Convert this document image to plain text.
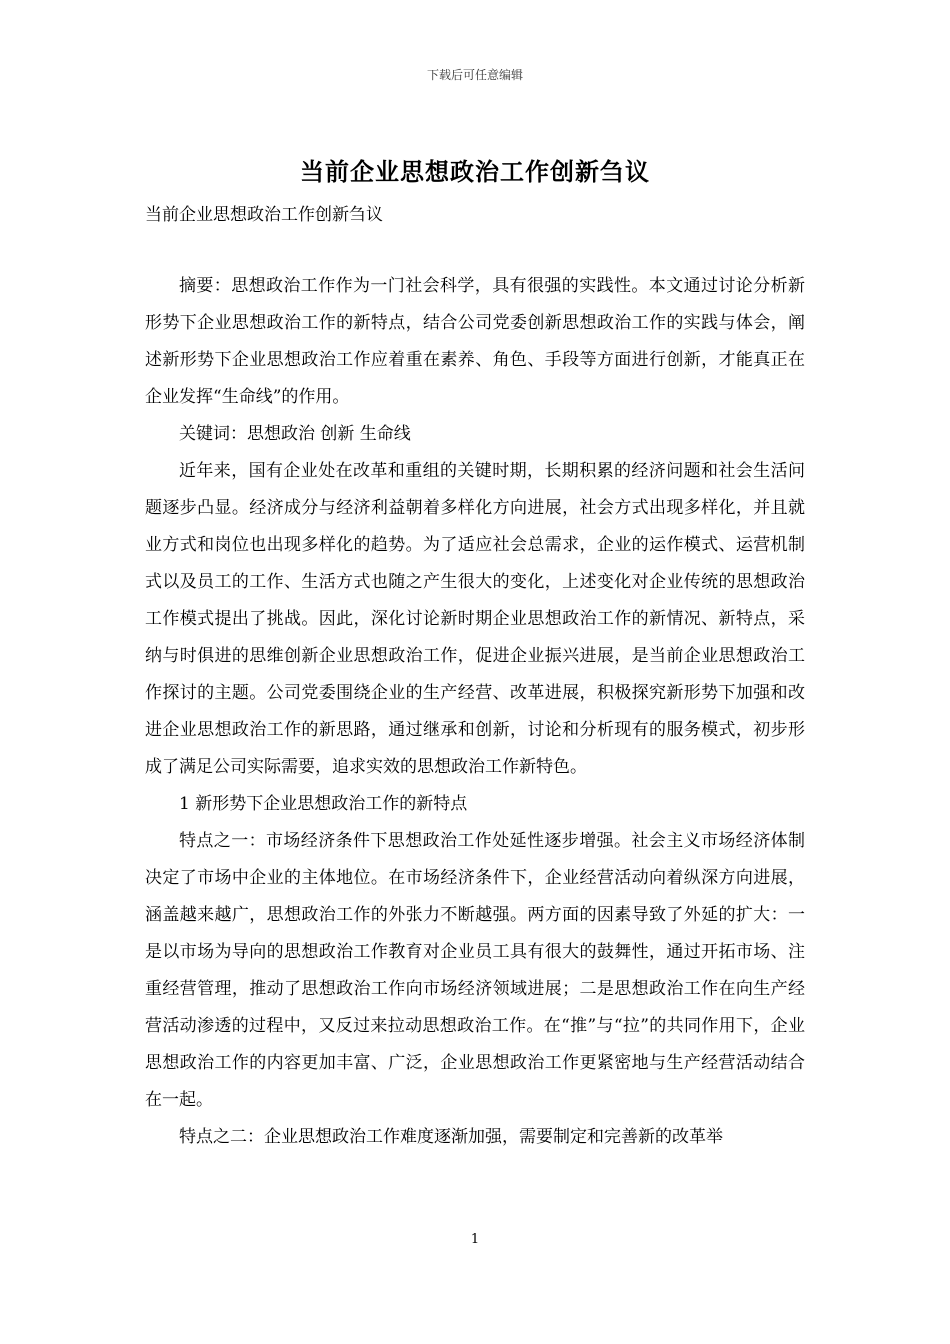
下载后可任意编辑
当前企业思想政治工作创新刍议
当前企业思想政治工作创新刍议

摘要：思想政治工作作为一门社会科学，具有很强的实践性。本文通过讨论分析新形势下企业思想政治工作的新特点，结合公司党委创新思想政治工作的实践与体会，阐述新形势下企业思想政治工作应着重在素养、角色、手段等方面进行创新，才能真正在企业发挥“生命线”的作用。

关键词：思想政治 创新 生命线

近年来，国有企业处在改革和重组的关键时期，长期积累的经济问题和社会生活问题逐步凸显。经济成分与经济利益朝着多样化方向进展，社会方式出现多样化，并且就业方式和岗位也出现多样化的趋势。为了适应社会总需求，企业的运作模式、运营机制式以及员工的工作、生活方式也随之产生很大的变化，上述变化对企业传统的思想政治工作模式提出了挑战。因此，深化讨论新时期企业思想政治工作的新情况、新特点，采纳与时俱进的思维创新企业思想政治工作，促进企业振兴进展，是当前企业思想政治工作探讨的主题。公司党委围绕企业的生产经营、改革进展，积极探究新形势下加强和改进企业思想政治工作的新思路，通过继承和创新，讨论和分析现有的服务模式，初步形成了满足公司实际需要，追求实效的思想政治工作新特色。

1 新形势下企业思想政治工作的新特点

特点之一：市场经济条件下思想政治工作处延性逐步增强。社会主义市场经济体制决定了市场中企业的主体地位。在市场经济条件下，企业经营活动向着纵深方向进展，涵盖越来越广，思想政治工作的外张力不断越强。两方面的因素导致了外延的扩大：一是以市场为导向的思想政治工作教育对企业员工具有很大的鼓舞性，通过开拓市场、注重经营管理，推动了思想政治工作向市场经济领域进展；二是思想政治工作在向生产经营活动渗透的过程中，又反过来拉动思想政治工作。在“推”与“拉”的共同作用下，企业思想政治工作的内容更加丰富、广泛，企业思想政治工作更紧密地与生产经营活动结合在一起。

特点之二：企业思想政治工作难度逐渐加强，需要制定和完善新的改革举

1
